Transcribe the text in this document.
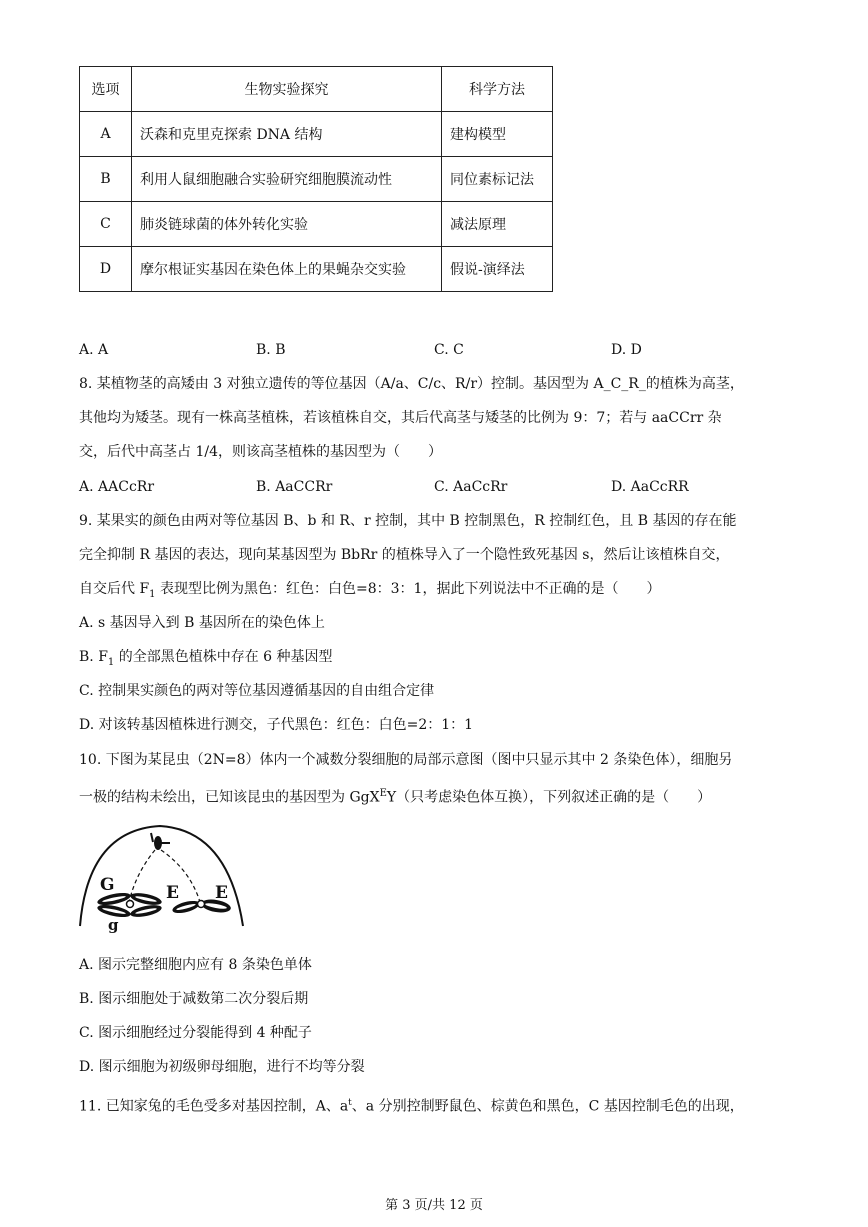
选项	生物实验探究	科学方法
A	沃森和克里克探索 DNA 结构	建构模型
B	利用人鼠细胞融合实验研究细胞膜流动性	同位素标记法
C	肺炎链球菌的体外转化实验	减法原理
D	摩尔根证实基因在染色体上的果蝇杂交实验	假说-演绎法
A. A	B. B	C. C	D. D
8. 某植物茎的高矮由 3 对独立遗传的等位基因（A/a、C/c、R/r）控制。基因型为 A_C_R_的植株为高茎，
其他均为矮茎。现有一株高茎植株，若该植株自交，其后代高茎与矮茎的比例为 9：7；若与 aaCCrr 杂
交，后代中高茎占 1/4，则该高茎植株的基因型为（　　）
A. AACcRr	B. AaCCRr	C. AaCcRr	D. AaCcRR
9. 某果实的颜色由两对等位基因 B、b 和 R、r 控制，其中 B 控制黑色，R 控制红色，且 B 基因的存在能
完全抑制 R 基因的表达，现向某基因型为 BbRr 的植株导入了一个隐性致死基因 s，然后让该植株自交，
自交后代 $F_1$ 表现型比例为黑色：红色：白色=8：3：1，据此下列说法中不正确的是（　　）
A. s 基因导入到 B 基因所在的染色体上
B. $F_1$ 的全部黑色植株中存在 6 种基因型
C. 控制果实颜色的两对等位基因遵循基因的自由组合定律
D. 对该转基因植株进行测交，子代黑色：红色：白色=2：1：1
10. 下图为某昆虫（2N=8）体内一个减数分裂细胞的局部示意图（图中只显示其中 2 条染色体），细胞另
一极的结构未绘出，已知该昆虫的基因型为 GgX$^E$Y（只考虑染色体互换），下列叙述正确的是（　　）
G
g
E E
A. 图示完整细胞内应有 8 条染色单体
B. 图示细胞处于减数第二次分裂后期
C. 图示细胞经过分裂能得到 4 种配子
D. 图示细胞为初级卵母细胞，进行不均等分裂
11. 已知家兔的毛色受多对基因控制，A、$a^t$、a 分别控制野鼠色、棕黄色和黑色，C 基因控制毛色的出现，
第 3 页/共 12 页
